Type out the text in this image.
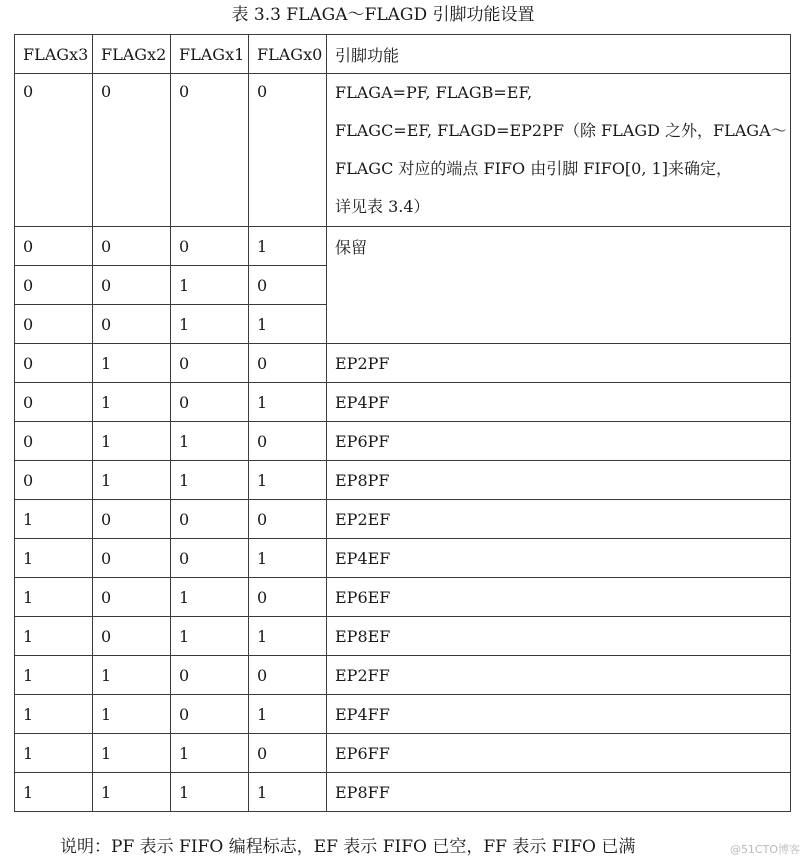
表 3.3 FLAGA～FLAGD 引脚功能设置
FLAGx3	FLAGx2	FLAGx1	FLAGx0	引脚功能
0	0	0	0	FLAGA=PF, FLAGB=EF,
FLAGC=EF, FLAGD=EP2PF（除 FLAGD 之外，FLAGA～
FLAGC 对应的端点 FIFO 由引脚 FIFO[0, 1]来确定，
详见表 3.4）

0	0	0	1	保留
0	0	1	0	
0	0	1	1	
0	1	0	0	EP2PF
0	1	0	1	EP4PF
0	1	1	0	EP6PF
0	1	1	1	EP8PF
1	0	0	0	EP2EF
1	0	0	1	EP4EF
1	0	1	0	EP6EF
1	0	1	1	EP8EF
1	1	0	0	EP2FF
1	1	0	1	EP4FF
1	1	1	0	EP6FF
1	1	1	1	EP8FF
说明：PF 表示 FIFO 编程标志，EF 表示 FIFO 已空，FF 表示 FIFO 已满	@51CTO博客
